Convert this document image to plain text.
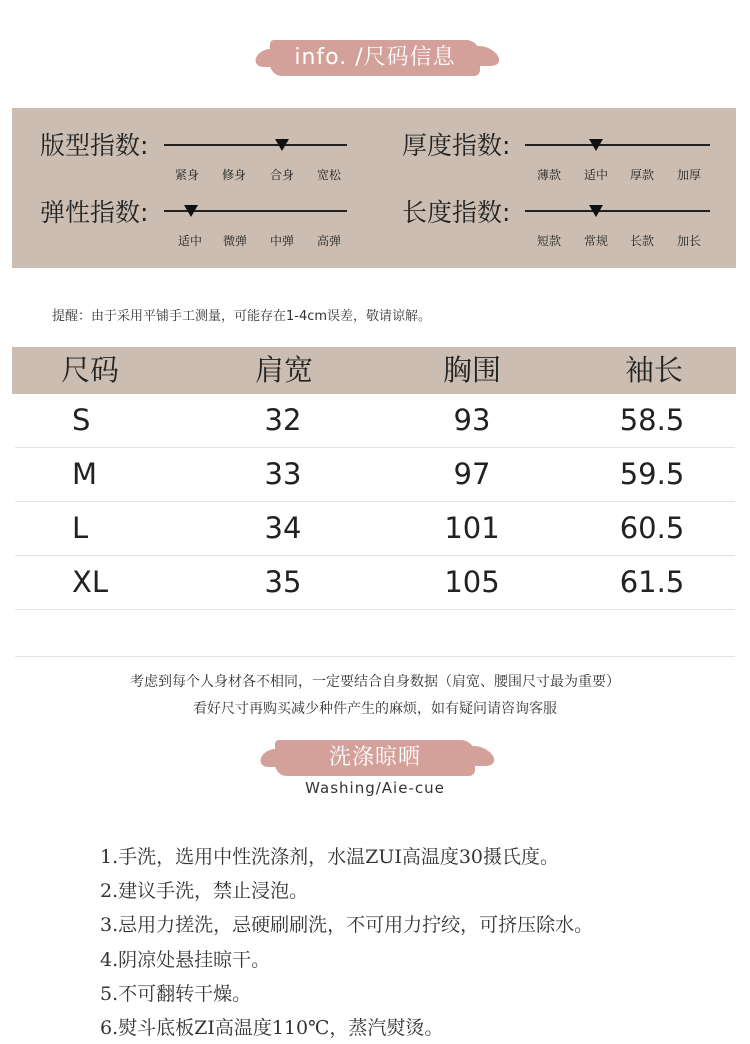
info. /尺码信息
版型指数:
紧身 修身 合身 宽松
厚度指数:
薄款 适中 厚款 加厚
弹性指数:
适中 微弹 中弹 高弹
长度指数:
短款 常规 长款 加长
提醒：由于采用平铺手工测量，可能存在1-4cm误差，敬请谅解。
尺码	肩宽	胸围	袖长
S	32	93	58.5
M	33	97	59.5
L	34	101	60.5
XL	35	105	61.5
考虑到每个人身材各不相同，一定要结合自身数据（肩宽、腰围尺寸最为重要）
看好尺寸再购买减少种件产生的麻烦，如有疑问请咨询客服
洗涤晾晒
Washing/Aie-cue
1.手洗，选用中性洗涤剂，水温ZUI高温度30摄氏度。
2.建议手洗，禁止浸泡。
3.忌用力搓洗，忌硬刷刷洗，不可用力拧绞，可挤压除水。
4.阴凉处悬挂晾干。
5.不可翻转干燥。
6.熨斗底板ZI高温度110℃，蒸汽熨烫。
